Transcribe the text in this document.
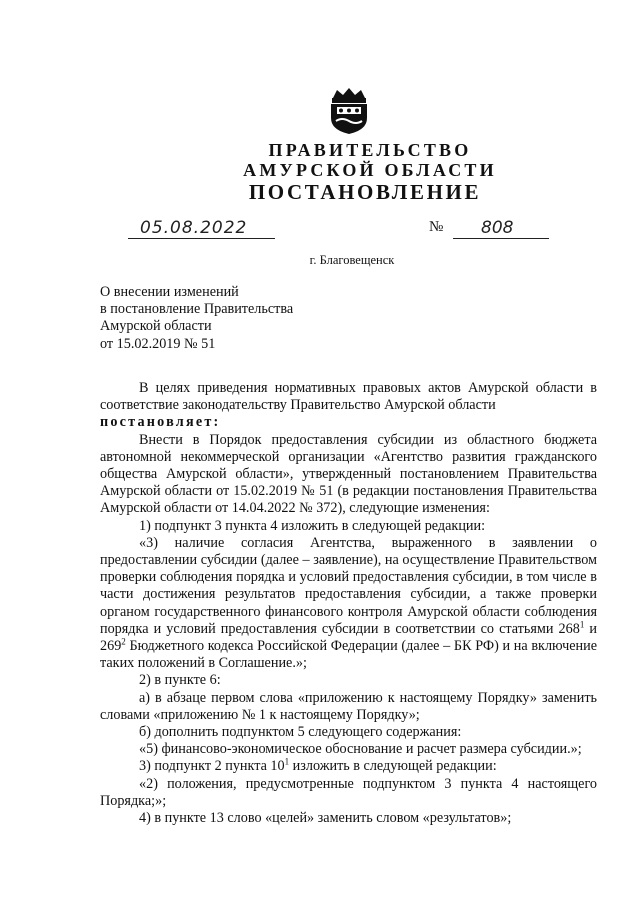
ПРАВИТЕЛЬСТВО
АМУРСКОЙ ОБЛАСТИ
ПОСТАНОВЛЕНИЕ
05.08.2022	№	808
г. Благовещенск
О внесении изменений
в постановление Правительства
Амурской области
от 15.02.2019 № 51

В целях приведения нормативных правовых актов Амурской области в соответствие законодательству Правительство Амурской области

постановляет:

Внести в Порядок предоставления субсидии из областного бюджета автономной некоммерческой организации «Агентство развития гражданского общества Амурской области», утвержденный постановлением Правительства Амурской области от 15.02.2019 № 51 (в редакции постановления Правительства Амурской области от 14.04.2022 № 372), следующие изменения:

1) подпункт 3 пункта 4 изложить в следующей редакции:

«3) наличие согласия Агентства, выраженного в заявлении о предоставлении субсидии (далее – заявление), на осуществление Правительством проверки соблюдения порядка и условий предоставления субсидии, в том числе в части достижения результатов предоставления субсидии, а также проверки органом государственного финансового контроля Амурской области соблюдения порядка и условий предоставления субсидии в соответствии со статьями $268^1$ и $269^2$ Бюджетного кодекса Российской Федерации (далее – БК РФ) и на включение таких положений в Соглашение.»;

2) в пункте 6:

а) в абзаце первом слова «приложению к настоящему Порядку» заменить словами «приложению № 1 к настоящему Порядку»;

б) дополнить подпунктом 5 следующего содержания:

«5) финансово-экономическое обоснование и расчет размера субсидии.»;

3) подпункт 2 пункта $10^1$ изложить в следующей редакции:

«2) положения, предусмотренные подпунктом 3 пункта 4 настоящего Порядка;»;

4) в пункте 13 слово «целей» заменить словом «результатов»;
